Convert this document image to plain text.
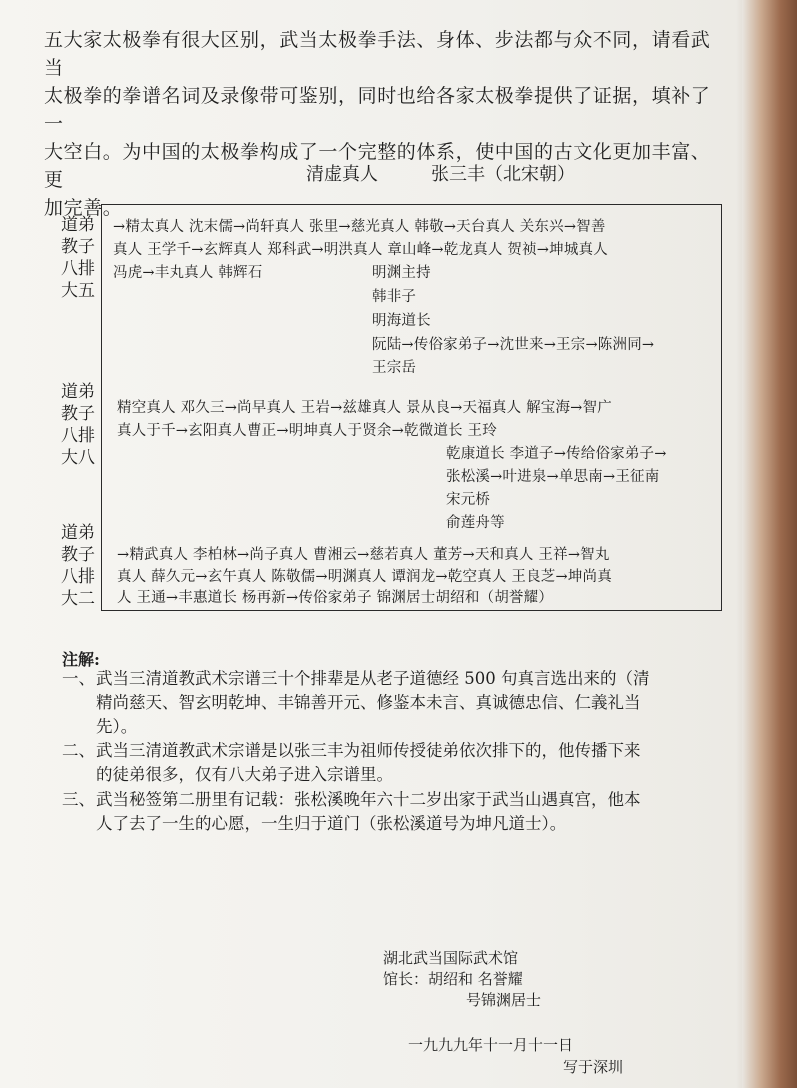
五大家太极拳有很大区别，武当太极拳手法、身体、步法都与众不同，请看武当

太极拳的拳谱名词及录像带可鉴别，同时也给各家太极拳提供了证据，填补了一

大空白。为中国的太极拳构成了一个完整的体系，使中国的古文化更加丰富、更

加完善。

清虚真人	张三丰（北宋朝）
道弟
教子
八排
大五
道弟
教子
八排
大八
道弟
教子
八排
大二
→精太真人 沈末儒→尚轩真人 张里→慈光真人 韩敬→天台真人 关东兴→智善
真人 王学千→玄辉真人 郑科武→明洪真人 章山峰→乾龙真人 贺祯→坤城真人
冯虎→丰丸真人 韩辉石	明渊主持
韩非子
明海道长
阮陆→传俗家弟子→沈世来→王宗→陈洲同→
王宗岳
精空真人 邓久三→尚早真人 王岩→兹雄真人 景从良→天福真人 解宝海→智广
真人于千→玄阳真人曹正→明坤真人于贤余→乾微道长 王玲
乾康道长 李道子→传给俗家弟子→
张松溪→叶进泉→单思南→王征南
宋元桥
俞莲舟等
→精武真人 李柏林→尚子真人 曹湘云→慈若真人 董芳→天和真人 王祥→智丸
真人 薛久元→玄午真人 陈敬儒→明渊真人 谭润龙→乾空真人 王良芝→坤尚真
人 王通→丰惠道长 杨再新→传俗家弟子 锦渊居士胡绍和（胡誉耀）
注解:
一、 武当三清道教武术宗谱三十个排辈是从老子道德经 500 句真言选出来的（清
精尚慈天、智玄明乾坤、丰锦善开元、修鉴本未言、真诚德忠信、仁義礼当
先）。
二、 武当三清道教武术宗谱是以张三丰为祖师传授徒弟依次排下的，他传播下来
的徒弟很多，仅有八大弟子进入宗谱里。
三、 武当秘签第二册里有记载：张松溪晚年六十二岁出家于武当山遇真宫，他本
人了去了一生的心愿，一生归于道门（张松溪道号为坤凡道士）。
湖北武当国际武术馆
馆长：胡绍和 名誉耀
号锦渊居士
一九九九年十一月十一日
写于深圳
